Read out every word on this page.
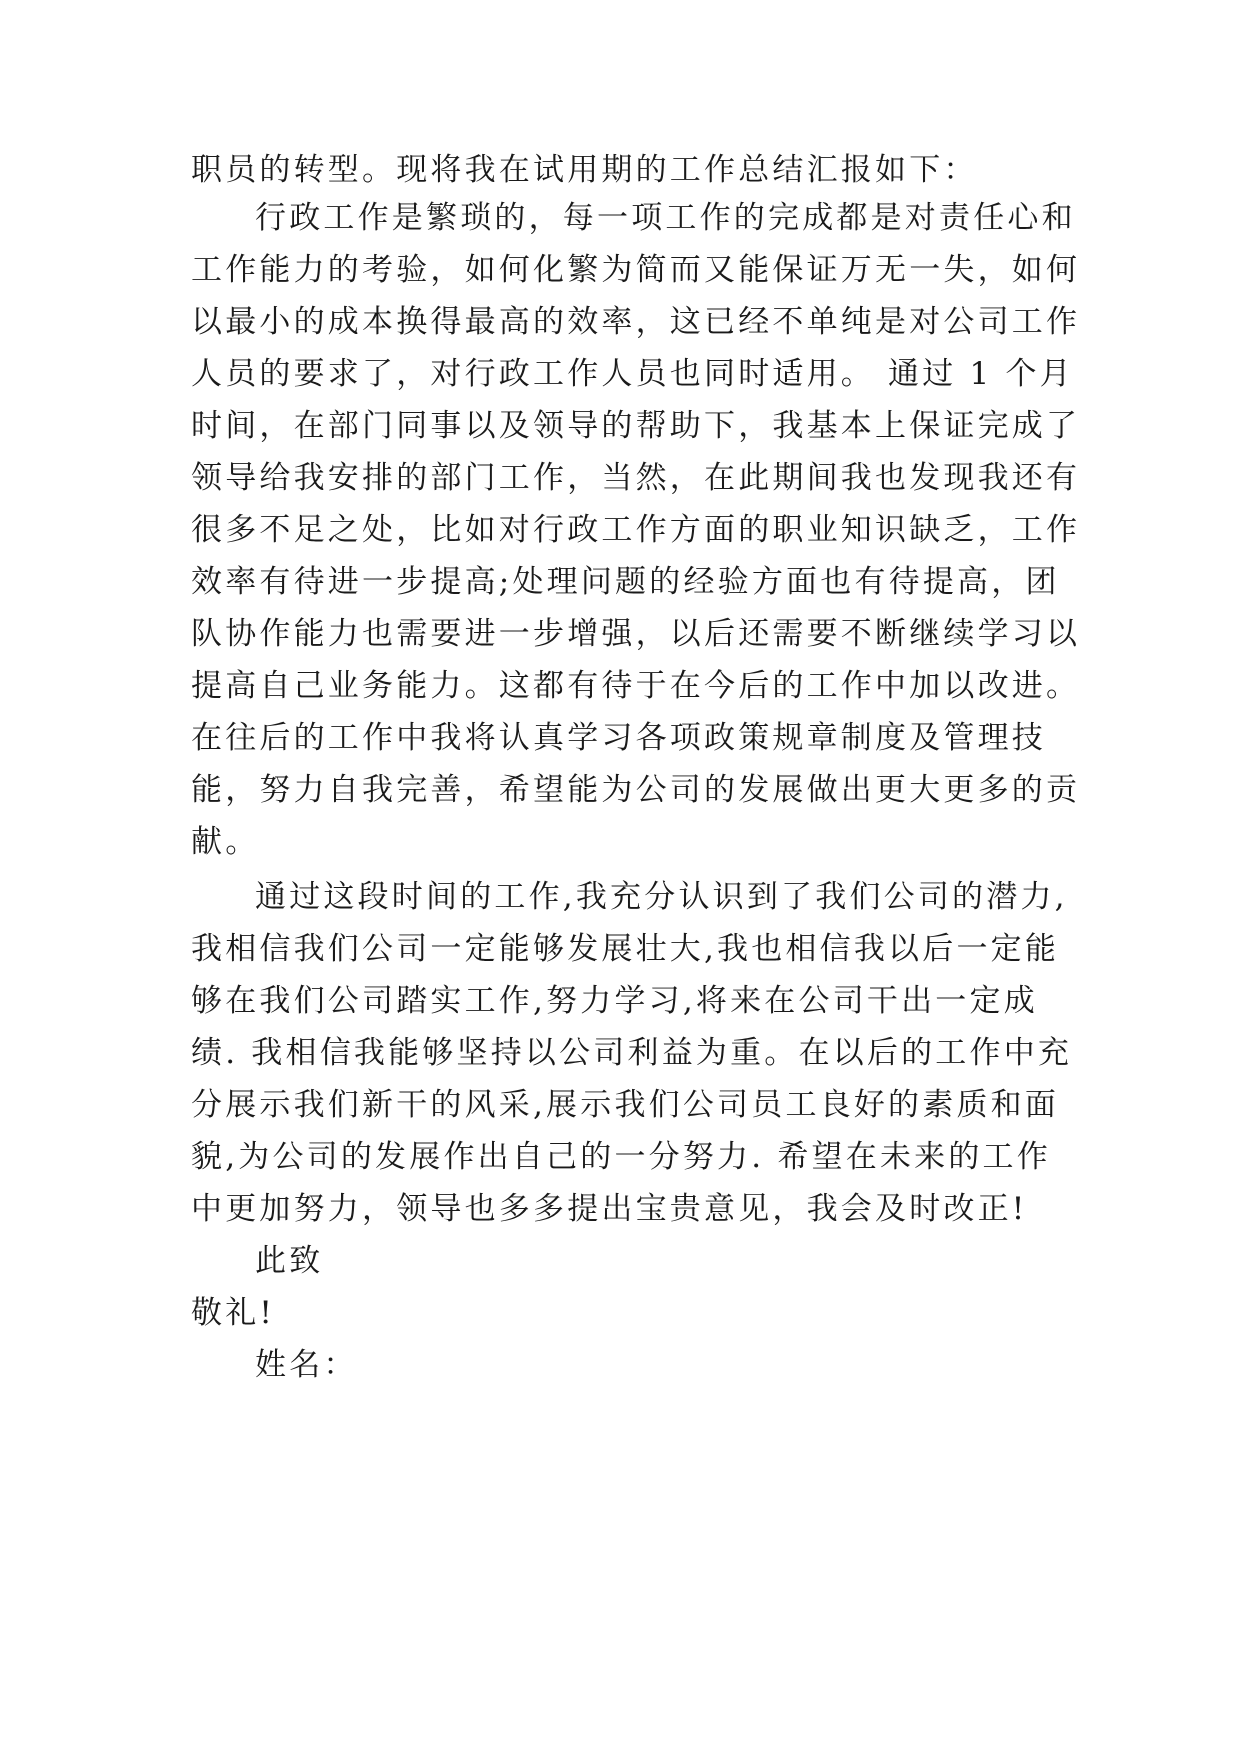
职员的转型。现将我在试用期的工作总结汇报如下：
行政工作是繁琐的，每一项工作的完成都是对责任心和
工作能力的考验，如何化繁为简而又能保证万无一失，如何
以最小的成本换得最高的效率，这已经不单纯是对公司工作
人员的要求了，对行政工作人员也同时适用。 通过 1 个月
时间，在部门同事以及领导的帮助下，我基本上保证完成了
领导给我安排的部门工作，当然，在此期间我也发现我还有
很多不足之处，比如对行政工作方面的职业知识缺乏，工作
效率有待进一步提高;处理问题的经验方面也有待提高，团
队协作能力也需要进一步增强，以后还需要不断继续学习以
提高自己业务能力。这都有待于在今后的工作中加以改进。
在往后的工作中我将认真学习各项政策规章制度及管理技
能，努力自我完善，希望能为公司的发展做出更大更多的贡
献。
通过这段时间的工作,我充分认识到了我们公司的潜力,
我相信我们公司一定能够发展壮大,我也相信我以后一定能
够在我们公司踏实工作,努力学习,将来在公司干出一定成
绩. 我相信我能够坚持以公司利益为重。在以后的工作中充
分展示我们新干的风采,展示我们公司员工良好的素质和面
貌,为公司的发展作出自己的一分努力. 希望在未来的工作
中更加努力，领导也多多提出宝贵意见，我会及时改正!
此致
敬礼!
姓名：
